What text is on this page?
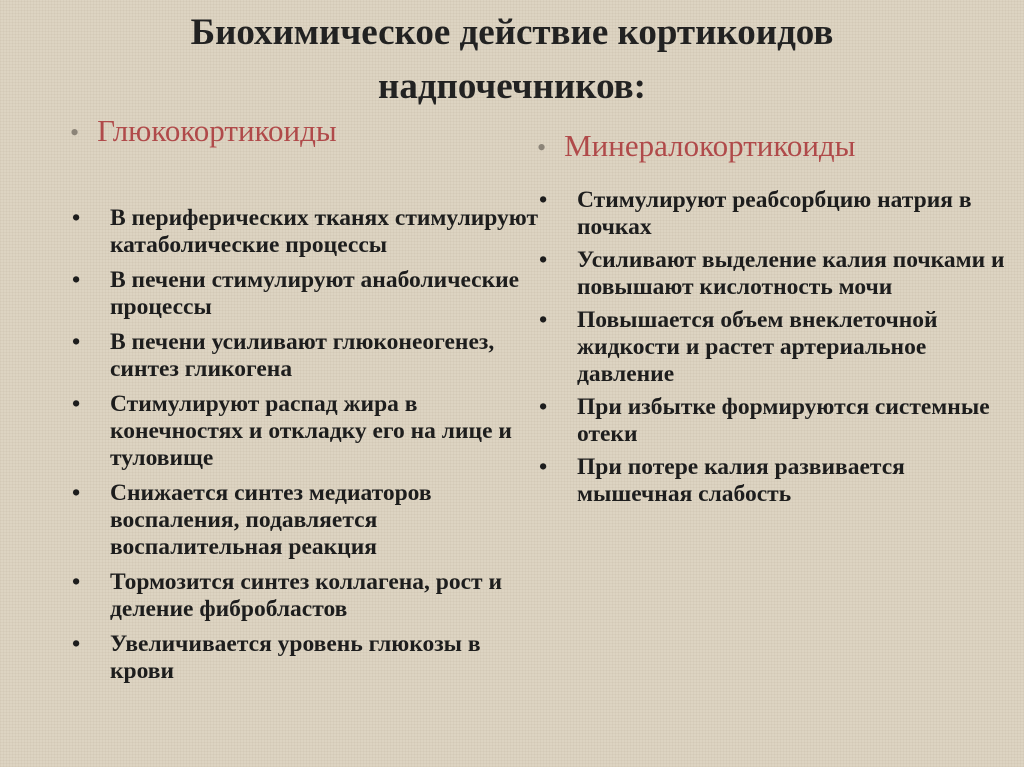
Биохимическое действие кортикоидов
надпочечников:
• Глюкокортикоиды	• Минералокортикоиды
• В периферических тканях стимулируют катаболические процессы
• В печени стимулируют анаболические процессы
• В печени усиливают глюконеогенез, синтез гликогена
• Стимулируют распад жира в конечностях и откладку его на лице и туловище
• Снижается синтез медиаторов воспаления, подавляется воспалительная реакция
• Тормозится синтез коллагена, рост и деление фибробластов
• Увеличивается уровень глюкозы в крови
• Стимулируют реабсорбцию натрия в почках
• Усиливают выделение калия почками и повышают кислотность мочи
• Повышается объем внеклеточной жидкости и растет артериальное давление
• При избытке формируются системные отеки
• При потере калия развивается мышечная слабость
